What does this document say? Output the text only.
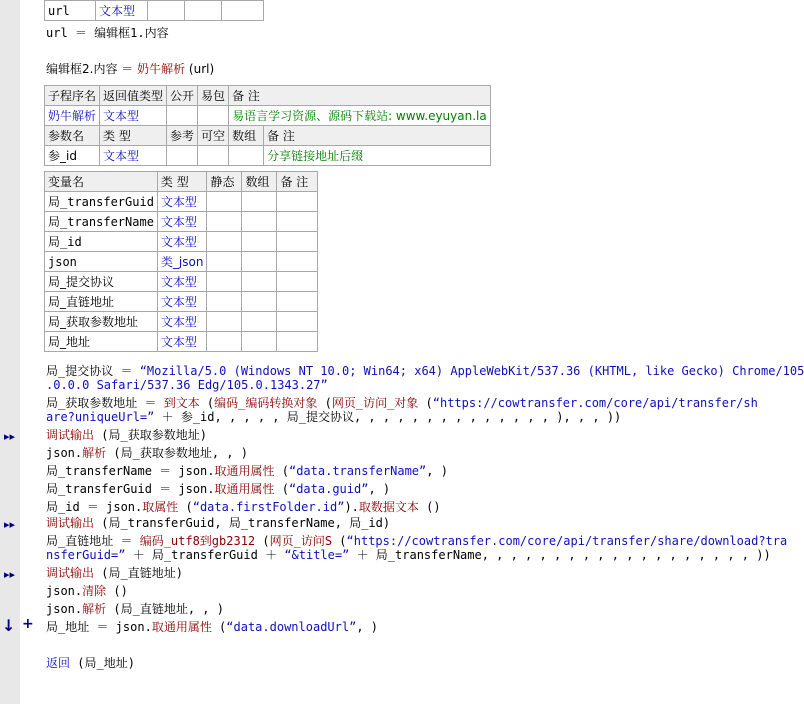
url	文本型			
url ＝ 编辑框1.内容
编辑框2.内容 ＝ 奶牛解析 (url)
子程序名	返回值类型	公开	易包	备 注	
奶牛解析	文本型			易语言学习资源、源码下载站: www.eyuyan.la	
参数名	类 型	参考	可空	数组	备 注
参_id	文本型				分享链接地址后缀
变量名	类 型	静态	数组	备 注
局_transferGuid	文本型			
局_transferName	文本型			
局_id	文本型			
json	类_json			
局_提交协议	文本型			
局_直链地址	文本型			
局_获取参数地址	文本型			
局_地址	文本型			
局_提交协议 ＝ “Mozilla/5.0 (Windows NT 10.0; Win64; x64) AppleWebKit/537.36 (KHTML, like Gecko) Chrome/105
.0.0.0 Safari/537.36 Edg/105.0.1343.27”
局_获取参数地址 ＝ 到文本 (编码_编码转换对象 (网页_访问_对象 (“https://cowtransfer.com/core/api/transfer/sh
are?uniqueUrl=” ＋ 参_id, , , , , 局_提交协议, , , , , , , , , , , , , , ), , , ))
▸▸	调试输出 (局_获取参数地址)
json.解析 (局_获取参数地址, , )
局_transferName ＝ json.取通用属性 (“data.transferName”, )
局_transferGuid ＝ json.取通用属性 (“data.guid”, )
局_id ＝ json.取属性 (“data.firstFolder.id”).取数据文本 ()
▸▸	调试输出 (局_transferGuid, 局_transferName, 局_id)
局_直链地址 ＝ 编码_utf8到gb2312 (网页_访问S (“https://cowtransfer.com/core/api/transfer/share/download?tra
nsferGuid=” ＋ 局_transferGuid ＋ “&title=” ＋ 局_transferName, , , , , , , , , , , , , , , , , , , ))
▸▸	调试输出 (局_直链地址)
json.清除 ()
json.解析 (局_直链地址, , )
↓ + 局_地址 ＝ json.取通用属性 (“data.downloadUrl”, )
返回 (局_地址)
